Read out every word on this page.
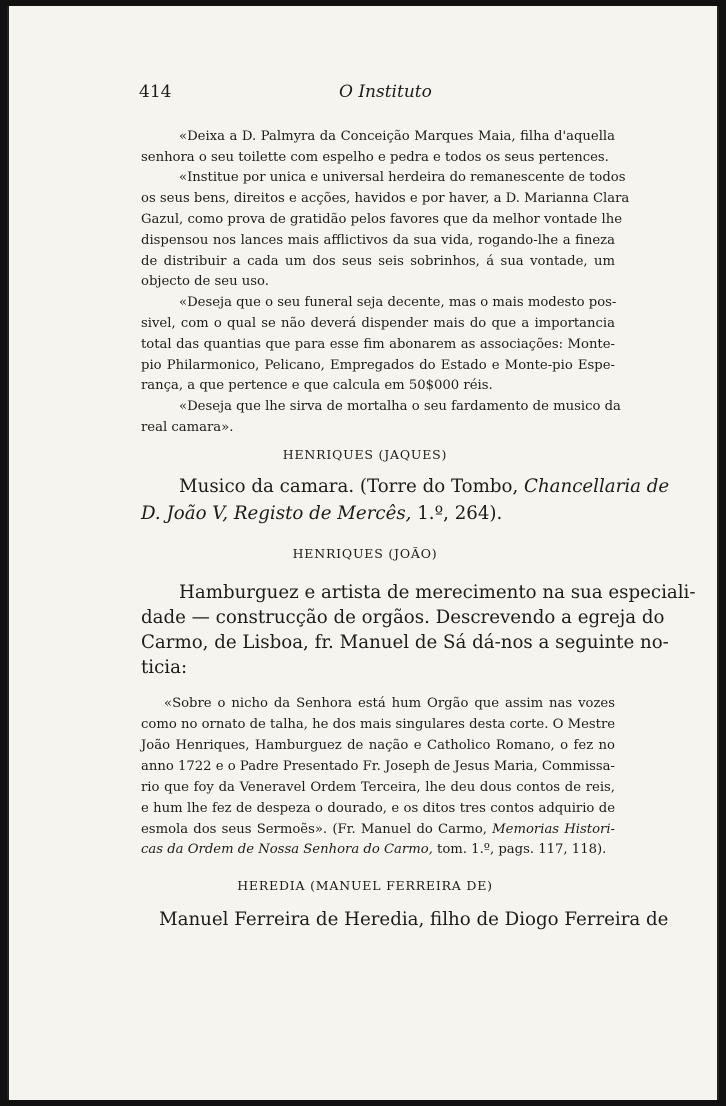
414	O Instituto
«Deixa a D. Palmyra da Conceição Marques Maia, filha d'aquella
senhora o seu toilette com espelho e pedra e todos os seus pertences.
«Institue por unica e universal herdeira do remanescente de todos
os seus bens, direitos e acções, havidos e por haver, a D. Marianna Clara
Gazul, como prova de gratidão pelos favores que da melhor vontade lhe
dispensou nos lances mais afflictivos da sua vida, rogando-lhe a fineza
de distribuir a cada um dos seus seis sobrinhos, á sua vontade, um
objecto de seu uso.
«Deseja que o seu funeral seja decente, mas o mais modesto pos-
sivel, com o qual se não deverá dispender mais do que a importancia
total das quantias que para esse fim abonarem as associações: Monte-
pio Philarmonico, Pelicano, Empregados do Estado e Monte-pio Espe-
rança, a que pertence e que calcula em 50$000 réis.
«Deseja que lhe sirva de mortalha o seu fardamento de musico da
real camara».
HENRIQUES (JAQUES)
Musico da camara. (Torre do Tombo, Chancellaria de
D. João V, Registo de Mercês, 1.º, 264).
HENRIQUES (JOÃO)
Hamburguez e artista de merecimento na sua especiali-
dade — construcção de orgãos. Descrevendo a egreja do
Carmo, de Lisboa, fr. Manuel de Sá dá-nos a seguinte no-
ticia:
«Sobre o nicho da Senhora está hum Orgão que assim nas vozes
como no ornato de talha, he dos mais singulares desta corte. O Mestre
João Henriques, Hamburguez de nação e Catholico Romano, o fez no
anno 1722 e o Padre Presentado Fr. Joseph de Jesus Maria, Commissa-
rio que foy da Veneravel Ordem Terceira, lhe deu dous contos de reis,
e hum lhe fez de despeza o dourado, e os ditos tres contos adquirio de
esmola dos seus Sermoẽs». (Fr. Manuel do Carmo, Memorias Histori-
cas da Ordem de Nossa Senhora do Carmo, tom. 1.º, pags. 117, 118).
HEREDIA (MANUEL FERREIRA DE)
Manuel Ferreira de Heredia, filho de Diogo Ferreira de
